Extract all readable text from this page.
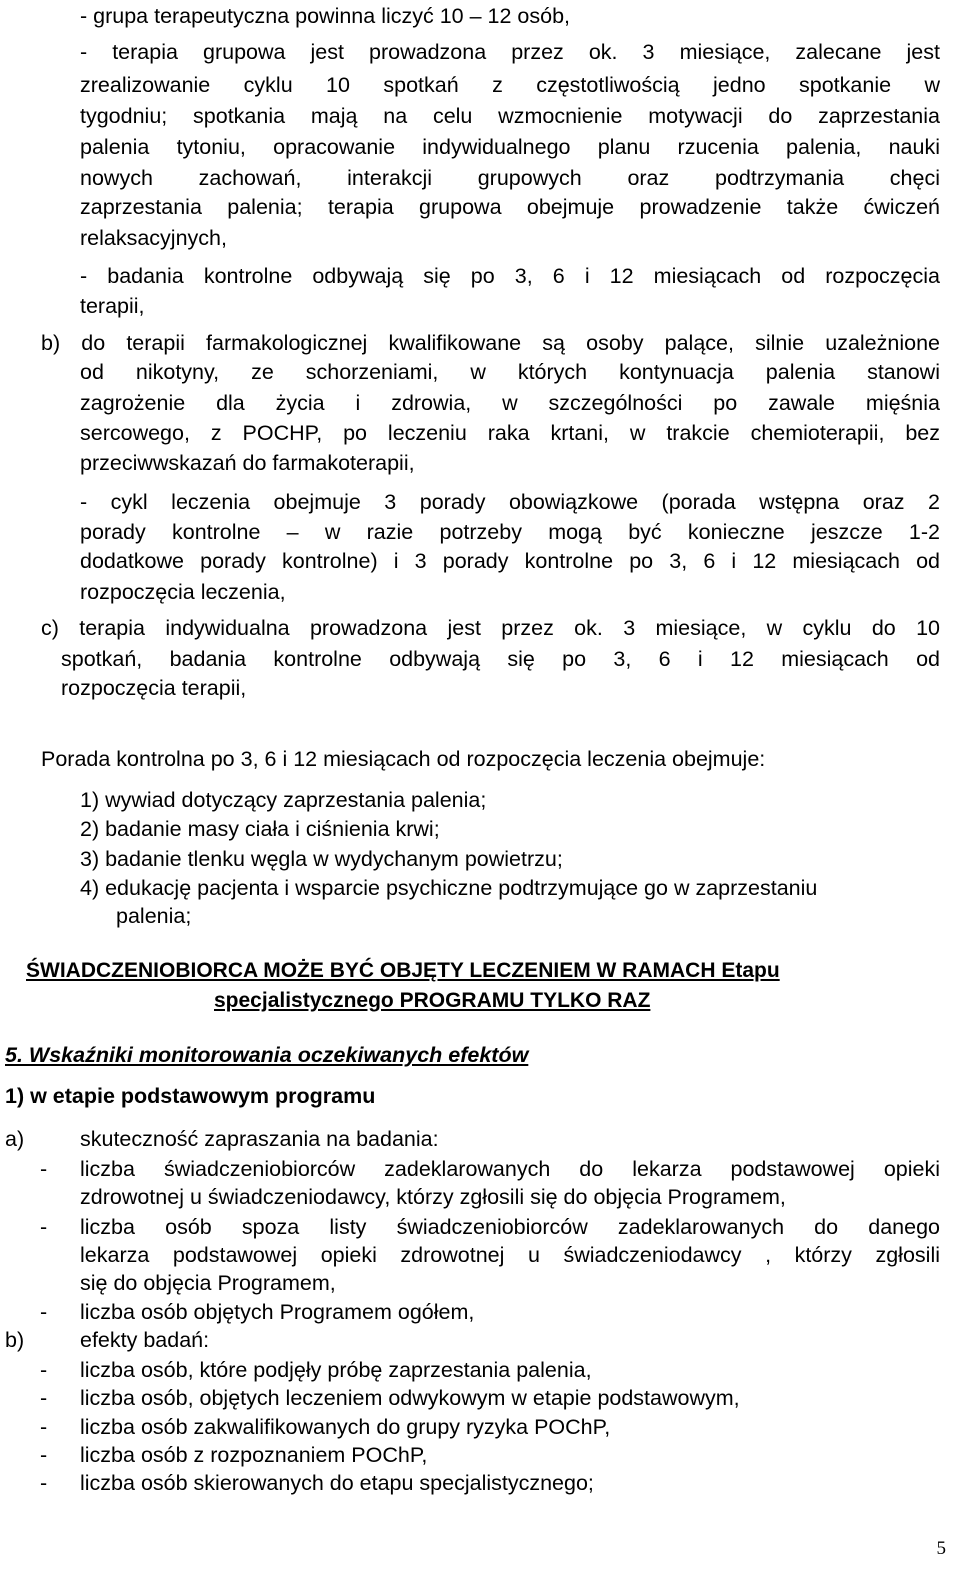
- grupa terapeutyczna powinna liczyć 10 – 12 osób,
- terapia grupowa jest prowadzona przez ok. 3 miesiące, zalecane jest
zrealizowanie cyklu 10 spotkań z częstotliwością jedno spotkanie w
tygodniu; spotkania mają na celu wzmocnienie motywacji do zaprzestania
palenia tytoniu, opracowanie indywidualnego planu rzucenia palenia, nauki
nowych zachowań, interakcji grupowych oraz podtrzymania chęci
zaprzestania palenia; terapia grupowa obejmuje prowadzenie także ćwiczeń
relaksacyjnych,
- badania kontrolne odbywają się po 3, 6 i 12 miesiącach od rozpoczęcia
terapii,
b) do terapii farmakologicznej kwalifikowane są osoby palące, silnie uzależnione
od nikotyny, ze schorzeniami, w których kontynuacja palenia stanowi
zagrożenie dla życia i zdrowia, w szczególności po zawale mięśnia
sercowego, z POCHP, po leczeniu raka krtani, w trakcie chemioterapii, bez
przeciwwskazań do farmakoterapii,
- cykl leczenia obejmuje 3 porady obowiązkowe (porada wstępna oraz 2
porady kontrolne – w razie potrzeby mogą być konieczne jeszcze 1-2
dodatkowe porady kontrolne) i 3 porady kontrolne po 3, 6 i 12 miesiącach od
rozpoczęcia leczenia,
c) terapia indywidualna prowadzona jest przez ok. 3 miesiące, w cyklu do 10
spotkań, badania kontrolne odbywają się po 3, 6 i 12 miesiącach od
rozpoczęcia terapii,
Porada kontrolna po 3, 6 i 12 miesiącach od rozpoczęcia leczenia obejmuje:
1) wywiad dotyczący zaprzestania palenia;
2) badanie masy ciała i ciśnienia krwi;
3) badanie tlenku węgla w wydychanym powietrzu;
4) edukację pacjenta i wsparcie psychiczne podtrzymujące go w zaprzestaniu
palenia;
ŚWIADCZENIOBIORCA MOŻE BYĆ OBJĘTY LECZENIEM W RAMACH Etapu
specjalistycznego PROGRAMU TYLKO RAZ
5. Wskaźniki monitorowania oczekiwanych efektów
1) w etapie podstawowym programu
a)	skuteczność zapraszania na badania:
- liczba świadczeniobiorców zadeklarowanych do lekarza podstawowej opieki
zdrowotnej u świadczeniodawcy, którzy zgłosili się do objęcia Programem,
- liczba osób spoza listy świadczeniobiorców zadeklarowanych do danego
lekarza podstawowej opieki zdrowotnej u świadczeniodawcy , którzy zgłosili
się do objęcia Programem,
- liczba osób objętych Programem ogółem,
b)	efekty badań:
- liczba osób, które podjęły próbę zaprzestania palenia,
- liczba osób, objętych leczeniem odwykowym w etapie podstawowym,
- liczba osób zakwalifikowanych do grupy ryzyka POChP,
- liczba osób z rozpoznaniem POChP,
- liczba osób skierowanych do etapu specjalistycznego;
5
